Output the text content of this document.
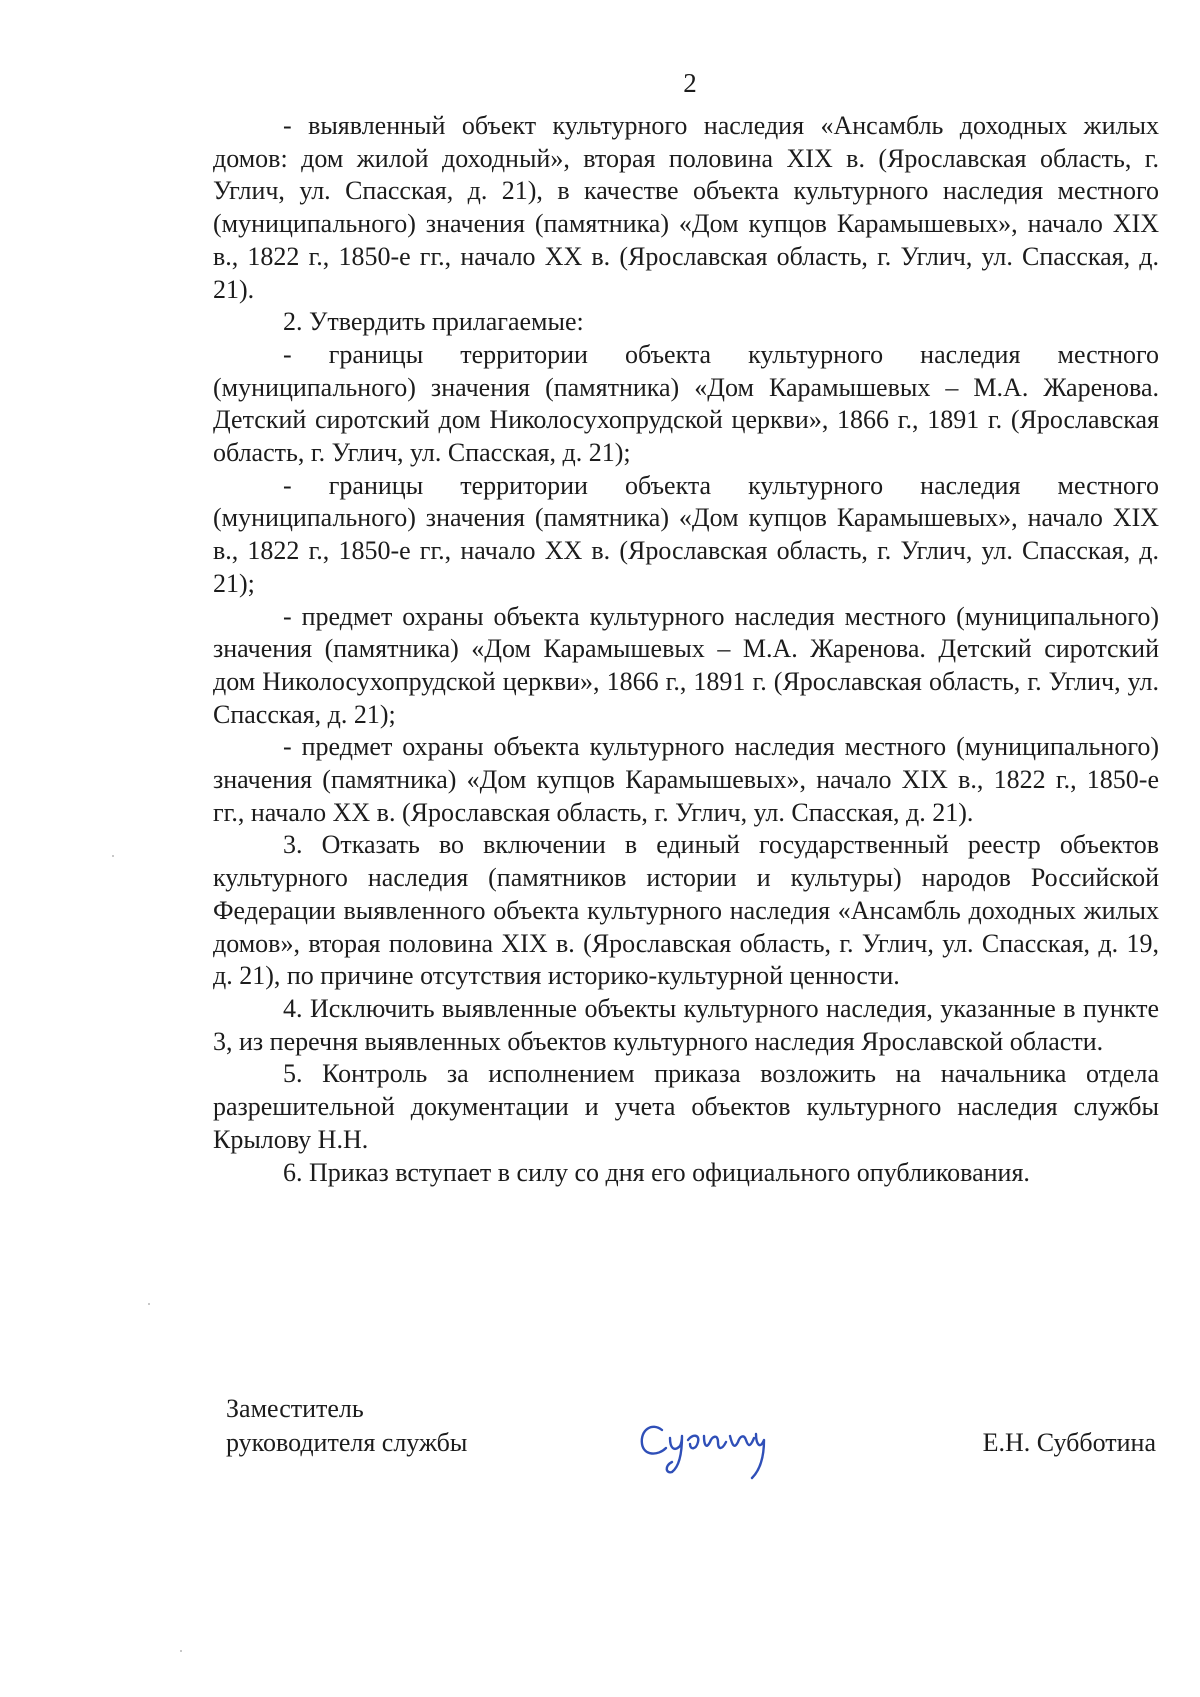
2

- выявленный объект культурного наследия «Ансамбль доходных жилых домов: дом жилой доходный», вторая половина XIX в. (Ярославская область, г. Углич, ул. Спасская, д. 21), в качестве объекта культурного наследия местного (муниципального) значения (памятника) «Дом купцов Карамышевых», начало XIX в., 1822 г., 1850-е гг., начало XX в. (Ярославская область, г. Углич, ул. Спасская, д. 21).

2. Утвердить прилагаемые:

- границы территории объекта культурного наследия местного (муниципального) значения (памятника) «Дом Карамышевых – М.А. Жаренова. Детский сиротский дом Николосухопрудской церкви», 1866 г., 1891 г. (Ярославская область, г. Углич, ул. Спасская, д. 21);

- границы территории объекта культурного наследия местного (муниципального) значения (памятника) «Дом купцов Карамышевых», начало XIX в., 1822 г., 1850-е гг., начало XX в. (Ярославская область, г. Углич, ул. Спасская, д. 21);

- предмет охраны объекта культурного наследия местного (муниципального) значения (памятника) «Дом Карамышевых – М.А. Жаренова. Детский сиротский дом Николосухопрудской церкви», 1866 г., 1891 г. (Ярославская область, г. Углич, ул. Спасская, д. 21);

- предмет охраны объекта культурного наследия местного (муниципального) значения (памятника) «Дом купцов Карамышевых», начало XIX в., 1822 г., 1850-е гг., начало XX в. (Ярославская область, г. Углич, ул. Спасская, д. 21).

3. Отказать во включении в единый государственный реестр объектов культурного наследия (памятников истории и культуры) народов Российской Федерации выявленного объекта культурного наследия «Ансамбль доходных жилых домов», вторая половина XIX в. (Ярославская область, г. Углич, ул. Спасская, д. 19, д. 21), по причине отсутствия историко-культурной ценности.

4. Исключить выявленные объекты культурного наследия, указанные в пункте 3, из перечня выявленных объектов культурного наследия Ярославской области.

5. Контроль за исполнением приказа возложить на начальника отдела разрешительной документации и учета объектов культурного наследия службы Крылову Н.Н.

6. Приказ вступает в силу со дня его официального опубликования.

Заместитель
руководителя службы	Е.Н. Субботина
